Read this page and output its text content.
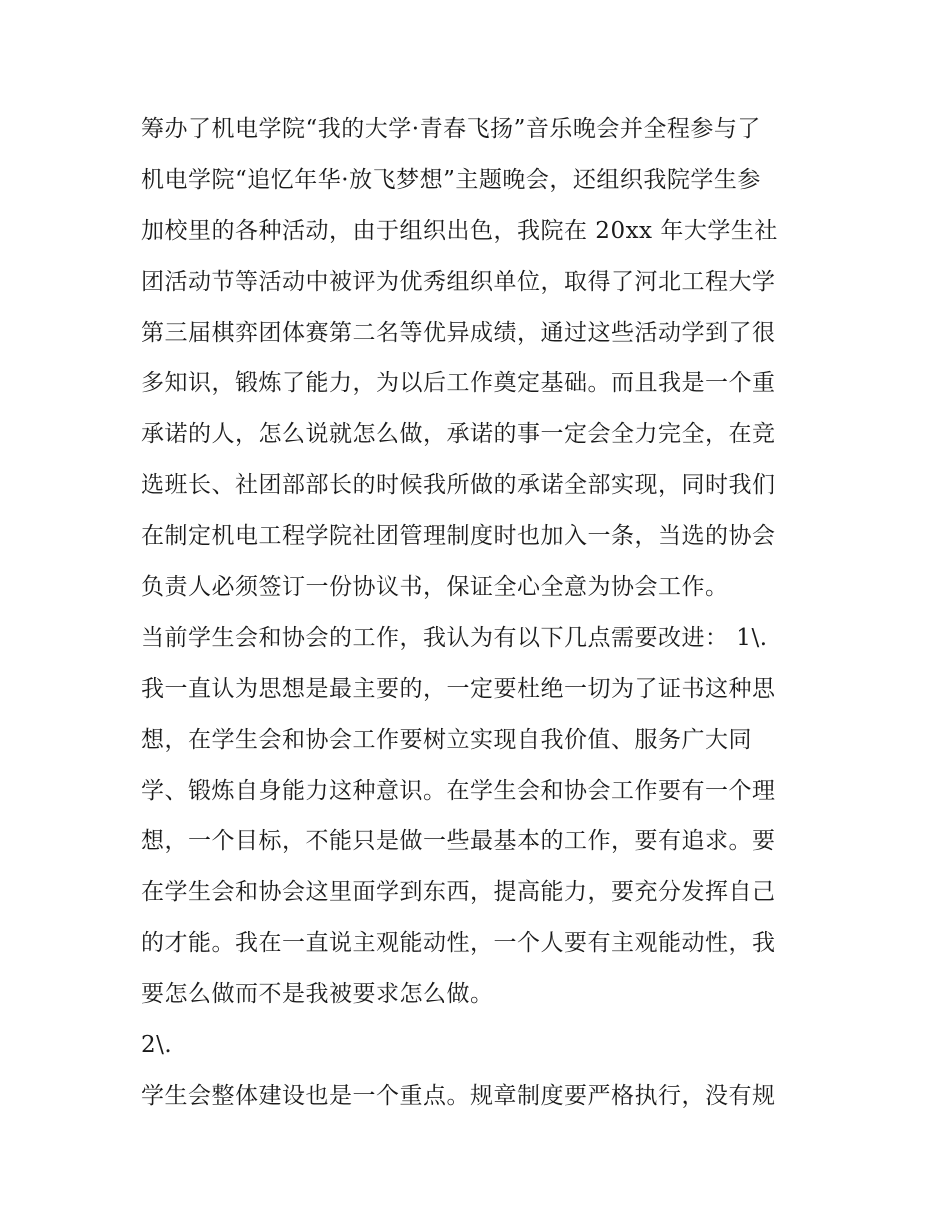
筹办了机电学院“我的大学·青春飞扬”音乐晚会并全程参与了
机电学院“追忆年华·放飞梦想”主题晚会，还组织我院学生参
加校里的各种活动，由于组织出色，我院在 20xx 年大学生社
团活动节等活动中被评为优秀组织单位，取得了河北工程大学
第三届棋弈团体赛第二名等优异成绩，通过这些活动学到了很
多知识，锻炼了能力，为以后工作奠定基础。而且我是一个重
承诺的人，怎么说就怎么做，承诺的事一定会全力完全，在竞
选班长、社团部部长的时候我所做的承诺全部实现，同时我们
在制定机电工程学院社团管理制度时也加入一条，当选的协会
负责人必须签订一份协议书，保证全心全意为协会工作。
当前学生会和协会的工作，我认为有以下几点需要改进： 1\.
我一直认为思想是最主要的，一定要杜绝一切为了证书这种思
想，在学生会和协会工作要树立实现自我价值、服务广大同
学、锻炼自身能力这种意识。在学生会和协会工作要有一个理
想，一个目标，不能只是做一些最基本的工作，要有追求。要
在学生会和协会这里面学到东西，提高能力，要充分发挥自己
的才能。我在一直说主观能动性，一个人要有主观能动性，我
要怎么做而不是我被要求怎么做。
2\.
学生会整体建设也是一个重点。规章制度要严格执行，没有规
